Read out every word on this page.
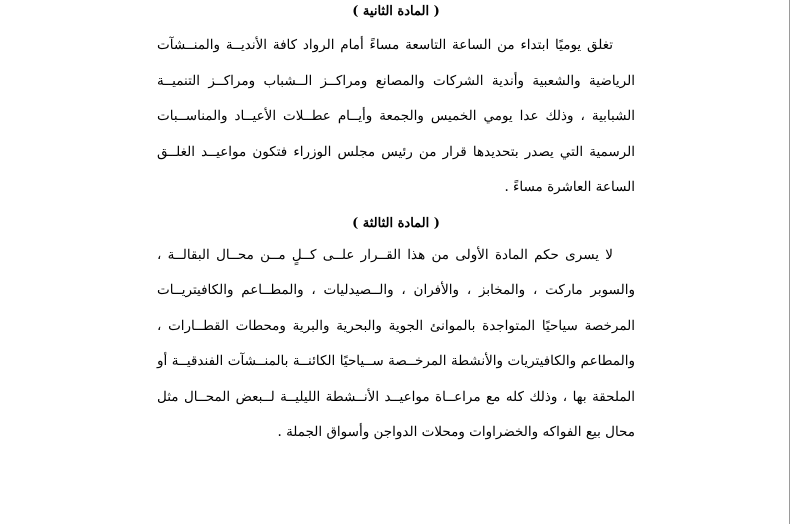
( المادة الثانية )

تغلق يوميًا ابتداء من الساعة التاسعة مساءً أمام الرواد كافة الأنديــة والمنــشآت الرياضية والشعبية وأندية الشركات والمصانع ومراكــز الــشباب ومراكــز التنميــة الشبابية ، وذلك عدا يومي الخميس والجمعة وأيــام عطــلات الأعيــاد والمناســبات الرسمية التي يصدر بتحديدها قرار من رئيس مجلس الوزراء فتكون مواعيــد الغلــق الساعة العاشرة مساءً .

( المادة الثالثة )

لا يسرى حكم المادة الأولى من هذا القــرار علــى كــلٍ مــن محــال البقالــة ، والسوبر ماركت ، والمخابز ، والأفران ، والــصيدليات ، والمطــاعم والكافيتريــات المرخصة سياحيًا المتواجدة بالموانئ الجوية والبحرية والبرية ومحطات القطــارات ، والمطاعم والكافيتريات والأنشطة المرخــصة ســياحيًا الكائنــة بالمنــشآت الفندقيــة أو الملحقة بها ، وذلك كله مع مراعــاة مواعيــد الأنــشطة الليليــة لــبعض المحــال مثل محال بيع الفواكه والخضراوات ومحلات الدواجن وأسواق الجملة .
